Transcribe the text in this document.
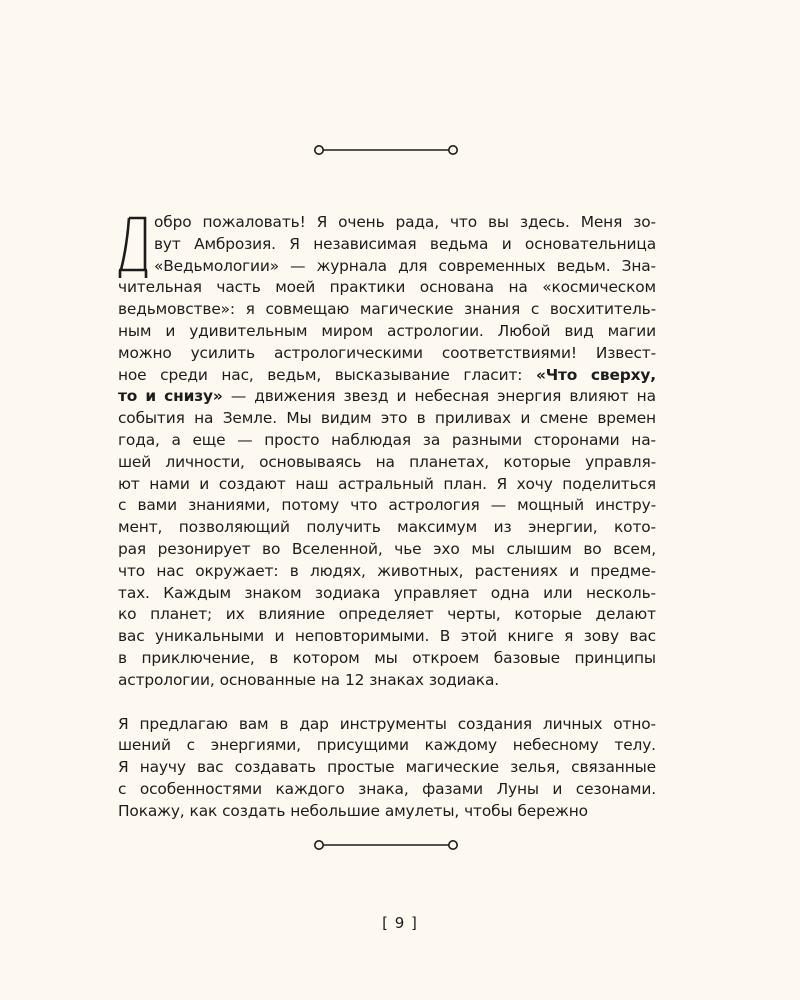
обро пожаловать! Я очень рада, что вы здесь. Меня зо-
вут Амброзия. Я независимая ведьма и основательница
«Ведьмологии» — журнала для современных ведьм. Зна-
чительная часть моей практики основана на «космическом
ведьмовстве»: я совмещаю магические знания с восхититель-
ным и удивительным миром астрологии. Любой вид магии
можно усилить астрологическими соответствиями! Извест-
ное среди нас, ведьм, высказывание гласит: «Что сверху,
то и снизу» — движения звезд и небесная энергия влияют на
события на Земле. Мы видим это в приливах и смене времен
года, а еще — просто наблюдая за разными сторонами на-
шей личности, основываясь на планетах, которые управля-
ют нами и создают наш астральный план. Я хочу поделиться
с вами знаниями, потому что астрология — мощный инстру-
мент, позволяющий получить максимум из энергии, кото-
рая резонирует во Вселенной, чье эхо мы слышим во всем,
что нас окружает: в людях, животных, растениях и предме-
тах. Каждым знаком зодиака управляет одна или несколь-
ко планет; их влияние определяет черты, которые делают
вас уникальными и неповторимыми. В этой книге я зову вас
в приключение, в котором мы откроем базовые принципы
астрологии, основанные на 12 знаках зодиака.
Я предлагаю вам в дар инструменты создания личных отно-
шений с энергиями, присущими каждому небесному телу.
Я научу вас создавать простые магические зелья, связанные
с особенностями каждого знака, фазами Луны и сезонами.
Покажу, как создать небольшие амулеты, чтобы бережно
[ 9 ]
